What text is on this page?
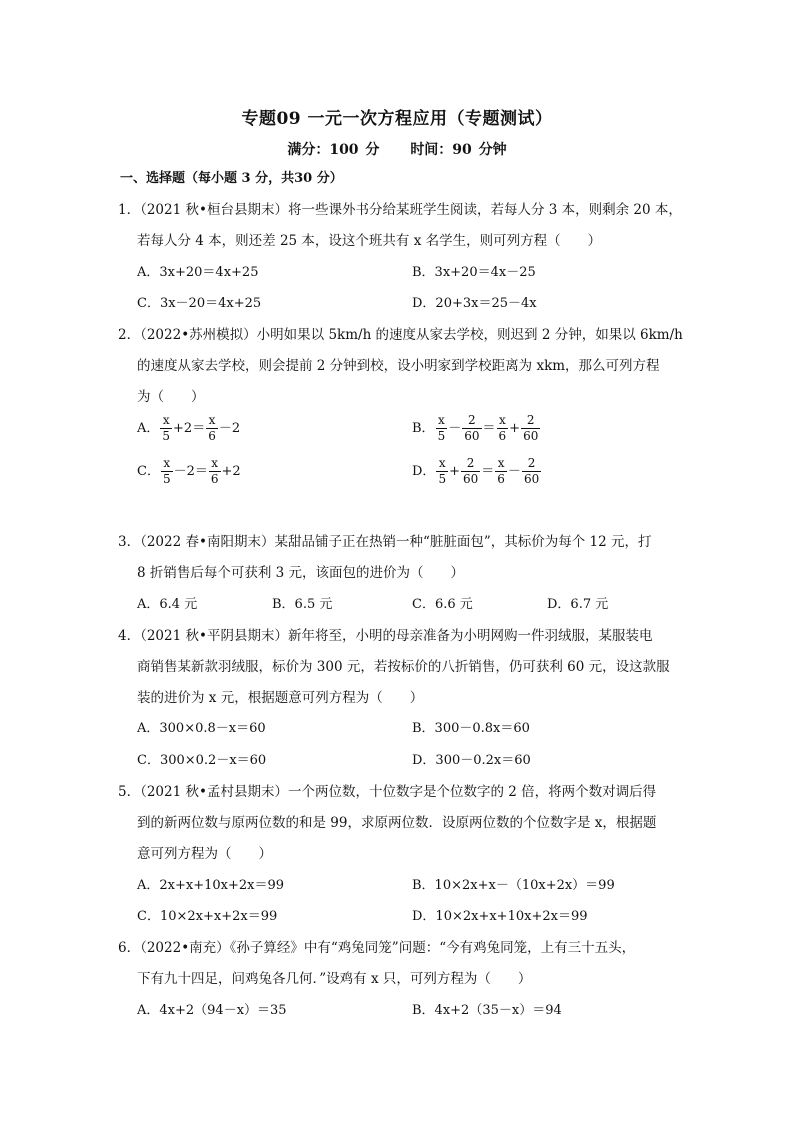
专题09 一元一次方程应用（专题测试）
满分：100 分 时间：90 分钟
一、选择题（每小题 3 分，共30 分）
1．（2021 秋•桓台县期末）将一些课外书分给某班学生阅读，若每人分 3 本，则剩余 20 本，
若每人分 4 本，则还差 25 本，设这个班共有 x 名学生，则可列方程（　　）
A．3x+20＝4x+25	B．3x+20＝4x－25
C．3x－20＝4x+25	D．20+3x＝25－4x
2．（2022•苏州模拟）小明如果以 5km/h 的速度从家去学校，则迟到 2 分钟，如果以 6km/h
的速度从家去学校，则会提前 2 分钟到校，设小明家到学校距离为 xkm，那么可列方程
为（　　）
A． $\frac{x}{5} +2= \frac{x}{6} -2$	B． $\frac{x}{5} - \frac{2}{60} = \frac{x}{6} + \frac{2}{60}$
C． $\frac{x}{5} -2= \frac{x}{6} +2$	D． $\frac{x}{5} + \frac{2}{60} = \frac{x}{6} - \frac{2}{60}$
3．（2022 春•南阳期末）某甜品铺子正在热销一种“脏脏面包”，其标价为每个 12 元，打
8 折销售后每个可获利 3 元，该面包的进价为（　　）
A．6.4 元	B．6.5 元	C．6.6 元	D．6.7 元
4．（2021 秋•平阴县期末）新年将至，小明的母亲准备为小明网购一件羽绒服，某服装电
商销售某新款羽绒服，标价为 300 元，若按标价的八折销售，仍可获利 60 元，设这款服
装的进价为 x 元，根据题意可列方程为（　　）
A．300×0.8－x＝60	B．300－0.8x＝60
C．300×0.2－x＝60	D．300－0.2x＝60
5．（2021 秋•孟村县期末）一个两位数，十位数字是个位数字的 2 倍，将两个数对调后得
到的新两位数与原两位数的和是 99，求原两位数．设原两位数的个位数字是 x，根据题
意可列方程为（　　）
A．2x+x+10x+2x＝99	B．10×2x+x－（10x+2x）＝99
C．10×2x+x+2x＝99	D．10×2x+x+10x+2x＝99
6．（2022•南充）《孙子算经》中有“鸡兔同笼”问题：“今有鸡兔同笼，上有三十五头，
下有九十四足，问鸡兔各几何．”设鸡有 x 只，可列方程为（　　）
A．4x+2（94－x）＝35	B．4x+2（35－x）＝94
